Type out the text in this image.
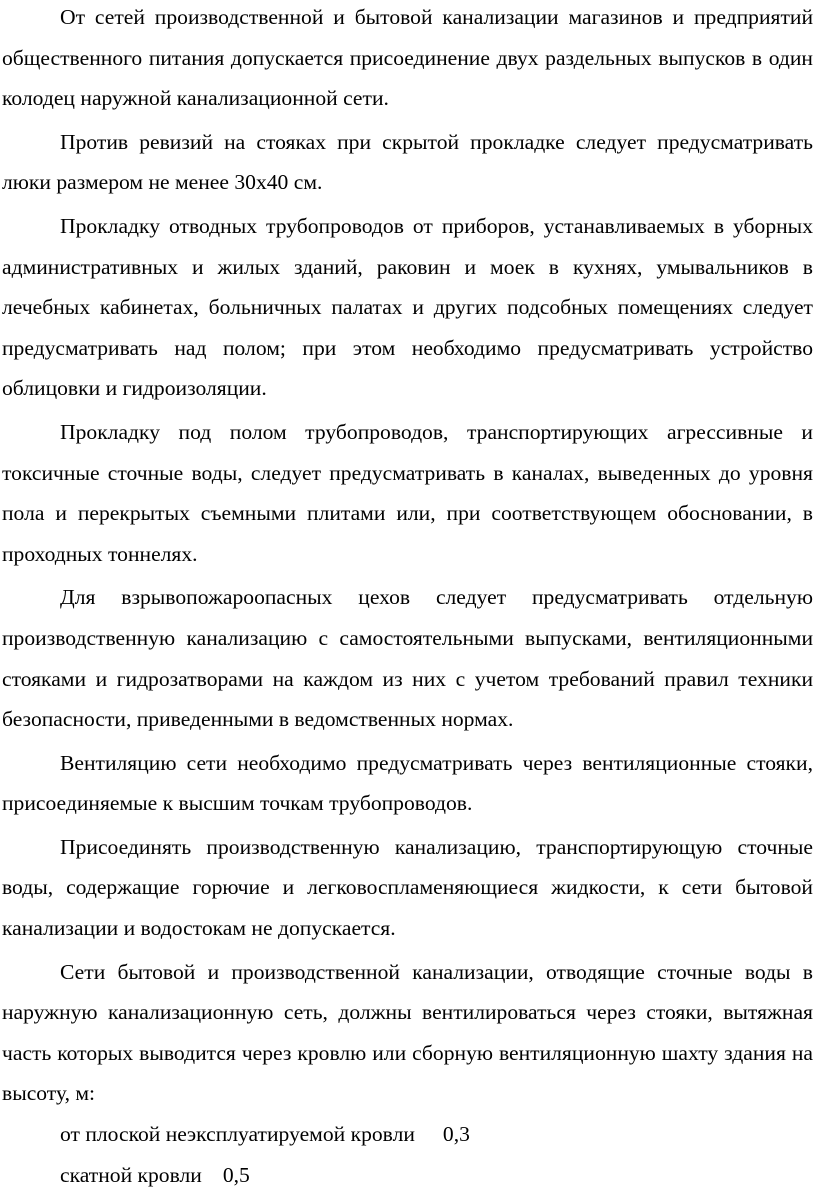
От сетей производственной и бытовой канализации магазинов и предприятий общественного питания допускается присоединение двух раздельных выпусков в один колодец наружной канализационной сети.

Против ревизий на стояках при скрытой прокладке следует предусматривать люки размером не менее 30х40 см.

Прокладку отводных трубопроводов от приборов, устанавливаемых в уборных административных и жилых зданий, раковин и моек в кухнях, умывальников в лечебных кабинетах, больничных палатах и других подсобных помещениях следует предусматривать над полом; при этом необходимо предусматривать устройство облицовки и гидроизоляции.

Прокладку под полом трубопроводов, транспортирующих агрессивные и токсичные сточные воды, следует предусматривать в каналах, выведенных до уровня пола и перекрытых съемными плитами или, при соответствующем обосновании, в проходных тоннелях.

Для взрывопожароопасных цехов следует предусматривать отдельную производственную канализацию с самостоятельными выпусками, вентиляционными стояками и гидрозатворами на каждом из них с учетом требований правил техники безопасности, приведенными в ведомственных нормах.

Вентиляцию сети необходимо предусматривать через вентиляционные стояки, присоединяемые к высшим точкам трубопроводов.

Присоединять производственную канализацию, транспортирующую сточные воды, содержащие горючие и легковоспламеняющиеся жидкости, к сети бытовой канализации и водостокам не допускается.

Сети бытовой и производственной канализации, отводящие сточные воды в наружную канализационную сеть, должны вентилироваться через стояки, вытяжная часть которых выводится через кровлю или сборную вентиляционную шахту здания на высоту, м:

от плоской неэксплуатируемой кровли 0,3
скатной кровли 0,5
